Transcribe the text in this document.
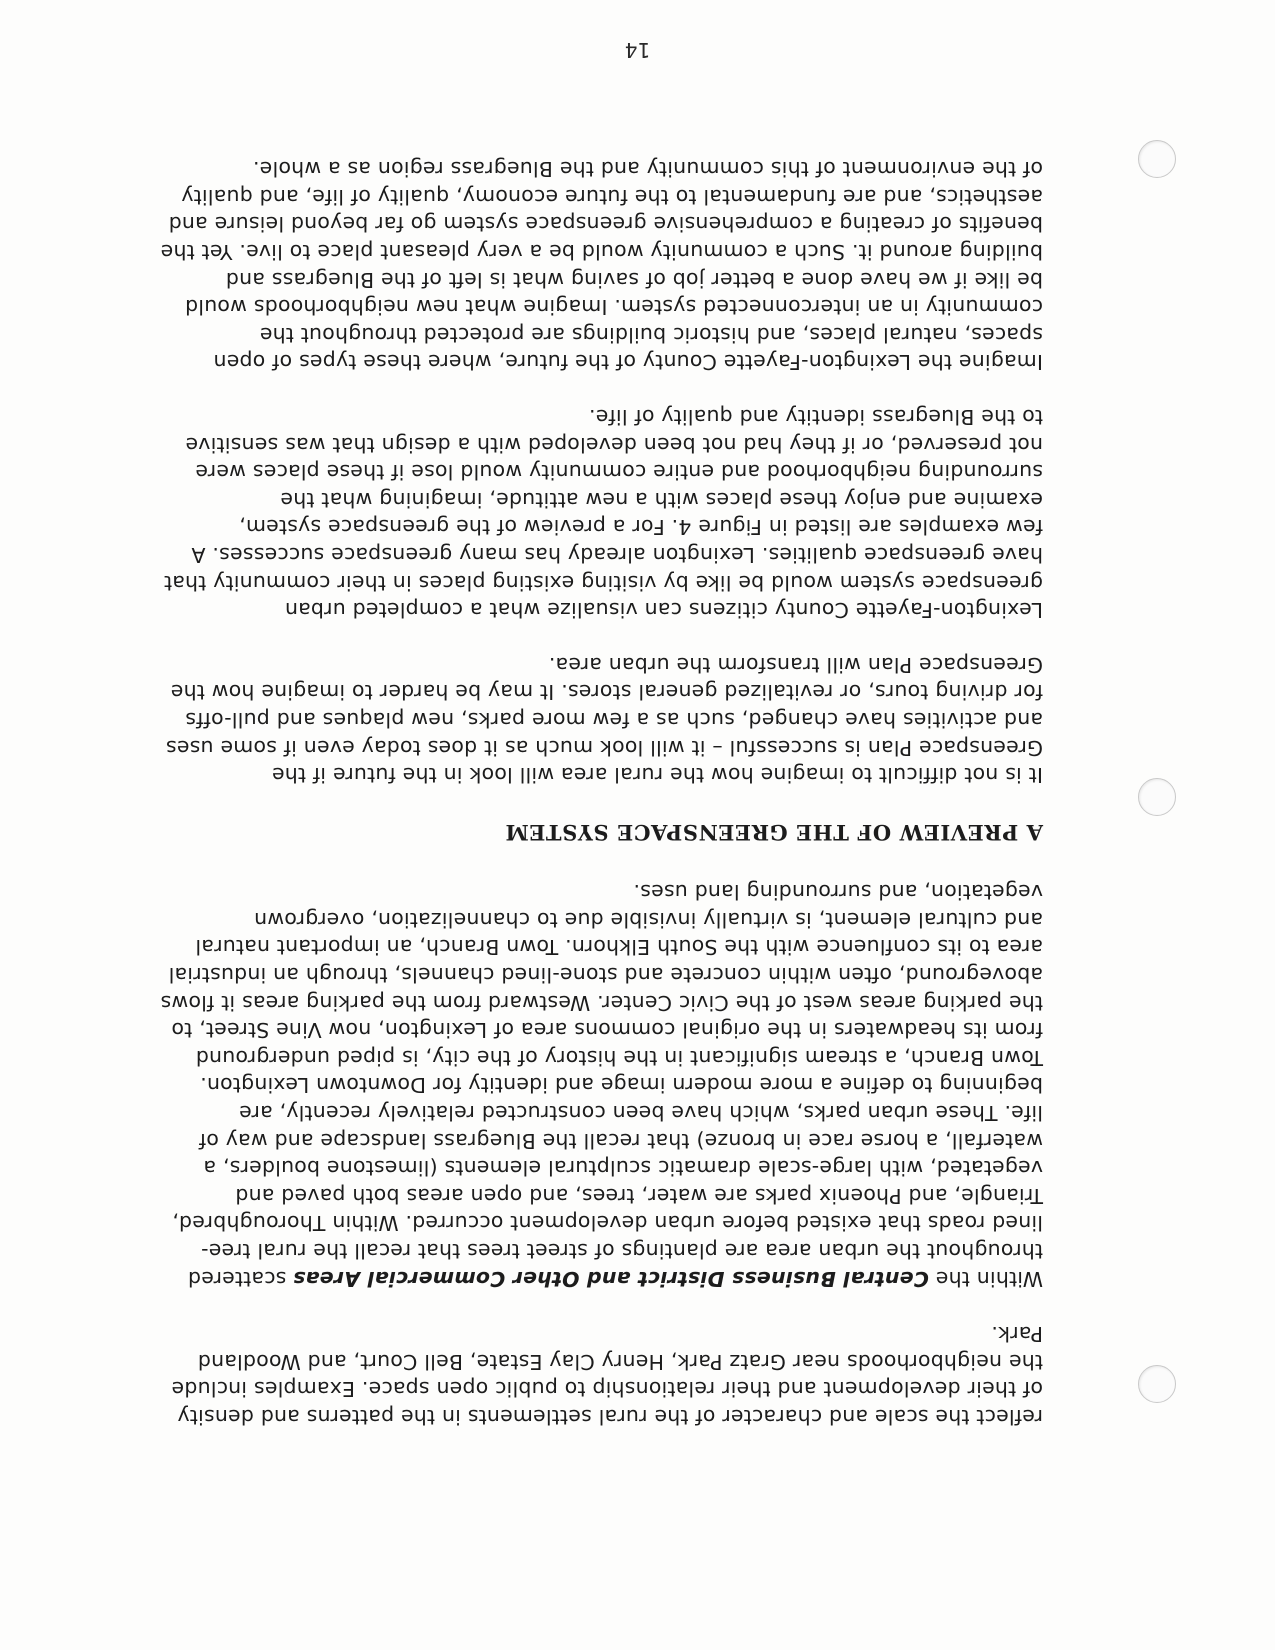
reflect the scale and character of the rural settlements in the patterns and density of their development and their relationship to public open space. Examples include the neighborhoods near Gratz Park, Henry Clay Estate, Bell Court, and Woodland Park.

Within the Central Business District and Other Commercial Areas scattered throughout the urban area are plantings of street trees that recall the rural tree-lined roads that existed before urban development occurred. Within Thoroughbred, Triangle, and Phoenix parks are water, trees, and open areas both paved and vegetated, with large-scale dramatic sculptural elements (limestone boulders, a waterfall, a horse race in bronze) that recall the Bluegrass landscape and way of life. These urban parks, which have been constructed relatively recently, are beginning to define a more modern image and identity for Downtown Lexington. Town Branch, a stream significant in the history of the city, is piped underground from its headwaters in the original commons area of Lexington, now Vine Street, to the parking areas west of the Civic Center. Westward from the parking areas it flows aboveground, often within concrete and stone-lined channels, through an industrial area to its confluence with the South Elkhorn. Town Branch, an important natural and cultural element, is virtually invisible due to channelization, overgrown vegetation, and surrounding land uses.

A PREVIEW OF THE GREENSPACE SYSTEM

It is not difficult to imagine how the rural area will look in the future if the Greenspace Plan is successful – it will look much as it does today even if some uses and activities have changed, such as a few more parks, new plaques and pull-offs for driving tours, or revitalized general stores. It may be harder to imagine how the Greenspace Plan will transform the urban area.

Lexington-Fayette County citizens can visualize what a completed urban greenspace system would be like by visiting existing places in their community that have greenspace qualities. Lexington already has many greenspace successes. A few examples are listed in Figure 4. For a preview of the greenspace system, examine and enjoy these places with a new attitude, imagining what the surrounding neighborhood and entire community would lose if these places were not preserved, or if they had not been developed with a design that was sensitive to the Bluegrass identity and quality of life.

Imagine the Lexington-Fayette County of the future, where these types of open spaces, natural places, and historic buildings are protected throughout the community in an interconnected system. Imagine what new neighborhoods would be like if we have done a better job of saving what is left of the Bluegrass and building around it. Such a community would be a very pleasant place to live. Yet the benefits of creating a comprehensive greenspace system go far beyond leisure and aesthetics, and are fundamental to the future economy, quality of life, and quality of the environment of this community and the Bluegrass region as a whole.

14
